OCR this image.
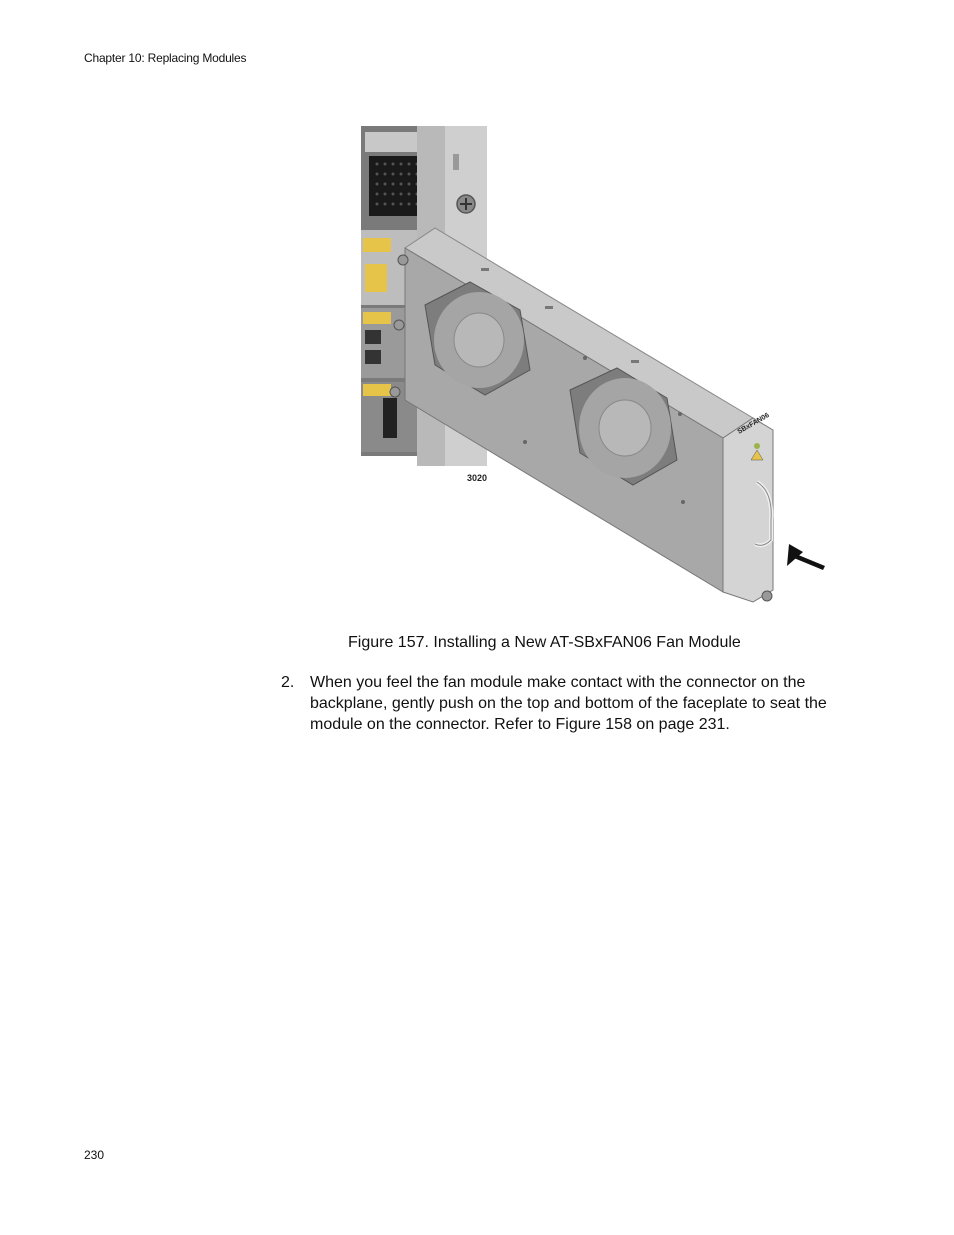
Chapter 10: Replacing Modules
3020
SBxFAN06
Figure 157. Installing a New AT-SBxFAN06 Fan Module
2. When you feel the fan module make contact with the connector on the backplane, gently push on the top and bottom of the faceplate to seat the module on the connector. Refer to Figure 158 on page 231.
230
